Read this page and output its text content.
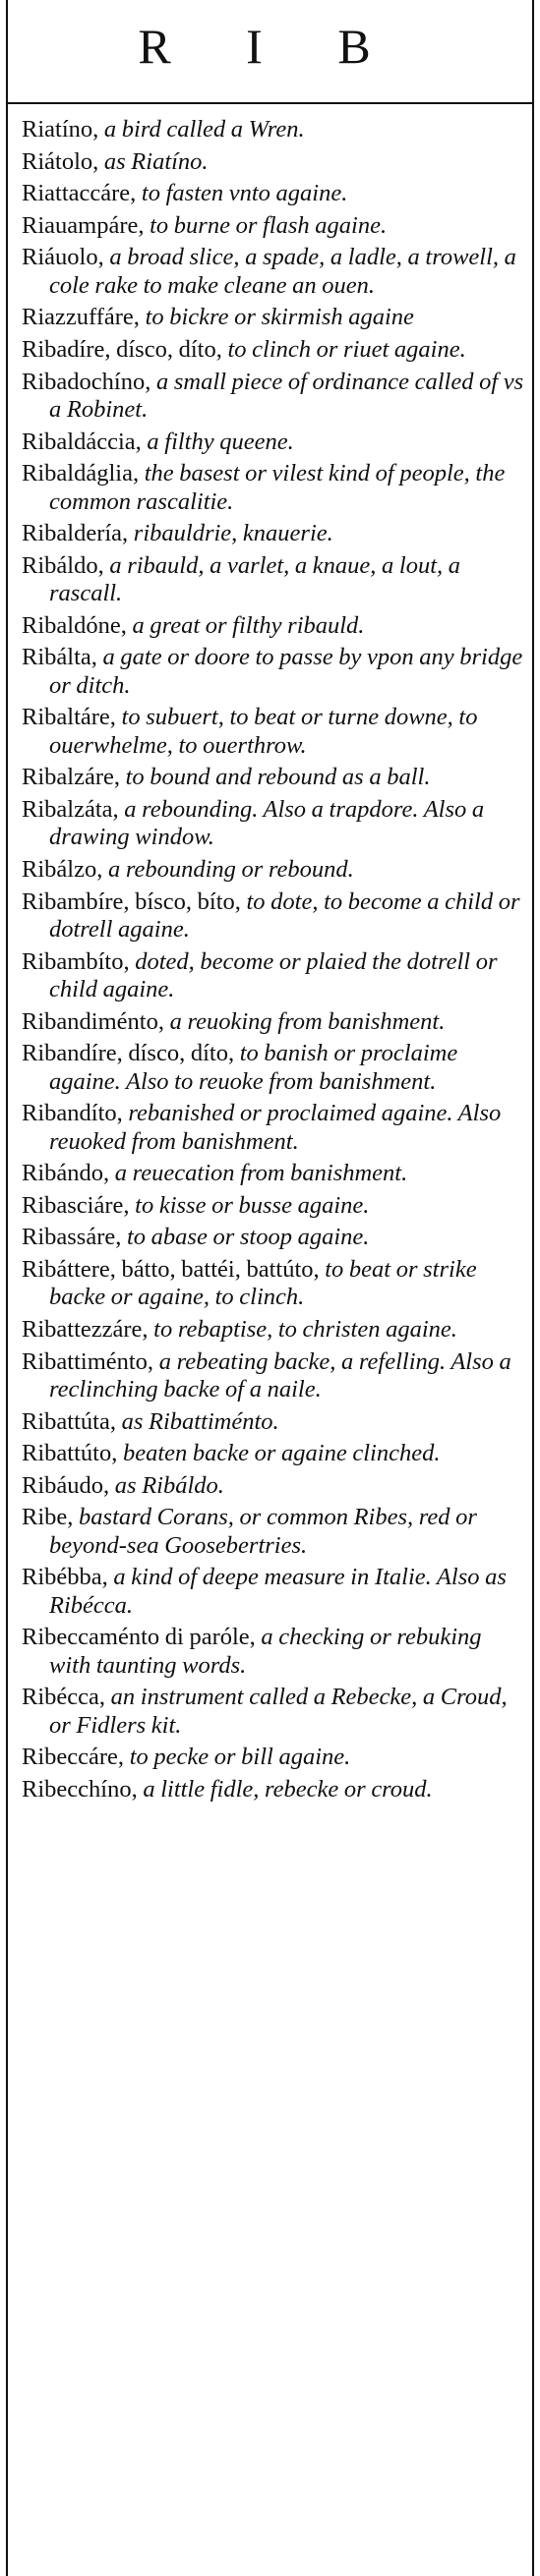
R I B
Riatíno, a bird called a Wren.
Riátolo, as Riatíno.
Riattaccáre, to fasten vnto againe.
Riauampáre, to burne or flash againe.
Riáuolo, a broad slice, a spade, a ladle, a trowell, a cole rake to make cleane an ouen.
Riazzuffáre, to bickre or skirmish againe
Ribadíre, dísco, díto, to clinch or riuet againe.
Ribadochíno, a small piece of ordinance called of vs a Robinet.
Ribaldáccia, a filthy queene.
Ribaldáglia, the basest or vilest kind of people, the common rascalitie.
Ribaldería, ribauldrie, knauerie.
Ribáldo, a ribauld, a varlet, a knaue, a lout, a rascall.
Ribaldóne, a great or filthy ribauld.
Ribálta, a gate or doore to passe by vpon any bridge or ditch.
Ribaltáre, to subuert, to beat or turne downe, to ouerwhelme, to ouerthrow.
Ribalzáre, to bound and rebound as a ball.
Ribalzáta, a rebounding. Also a trapdore. Also a drawing window.
Ribálzo, a rebounding or rebound.
Ribambíre, bísco, bíto, to dote, to become a child or dotrell againe.
Ribambíto, doted, become or plaied the dotrell or child againe.
Ribandiménto, a reuoking from banishment.
Ribandíre, dísco, díto, to banish or proclaime againe. Also to reuoke from banishment.
Ribandíto, rebanished or proclaimed againe. Also reuoked from banishment.
Ribándo, a reuecation from banishment.
Ribasciáre, to kisse or busse againe.
Ribassáre, to abase or stoop againe.
Ribáttere, bátto, battéi, battúto, to beat or strike backe or againe, to clinch.
Ribattezzáre, to rebaptise, to christen againe.
Ribattiménto, a rebeating backe, a refelling. Also a reclinching backe of a naile.
Ribattúta, as Ribattiménto.
Ribattúto, beaten backe or againe clinched.
Ribáudo, as Ribáldo.
Ribe, bastard Corans, or common Ribes, red or beyond-sea Goosebertries.
Ribébba, a kind of deepe measure in Italie. Also as Ribécca.
Ribeccaménto di paróle, a checking or rebuking with taunting words.
Ribécca, an instrument called a Rebecke, a Croud, or Fidlers kit.
Ribeccáre, to pecke or bill againe.
Ribecchíno, a little fidle, rebecke or croud.
